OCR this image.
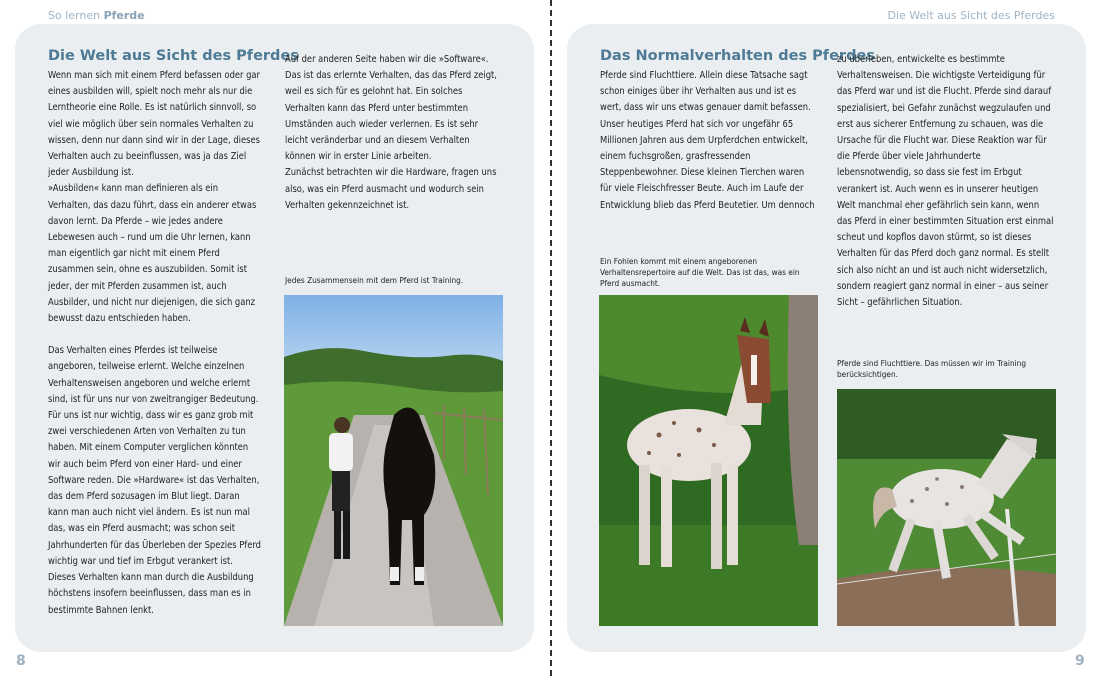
So lernen Pferde	Die Welt aus Sicht des Pferdes
Die Welt aus Sicht des Pferdes

Wenn man sich mit einem Pferd befassen oder gar eines ausbilden will, spielt noch mehr als nur die Lerntheorie eine Rolle. Es ist natürlich sinnvoll, so viel wie möglich über sein normales Verhalten zu wissen, denn nur dann sind wir in der Lage, dieses Verhalten auch zu beeinflussen, was ja das Ziel jeder Ausbildung ist.

»Ausbilden« kann man definieren als ein Verhalten, das dazu führt, dass ein anderer etwas davon lernt. Da Pferde – wie jedes andere Lebewesen auch – rund um die Uhr lernen, kann man eigentlich gar nicht mit einem Pferd zusammen sein, ohne es auszubilden. Somit ist jeder, der mit Pferden zusammen ist, auch Ausbilder, und nicht nur diejenigen, die sich ganz bewusst dazu entschieden haben.

Das Verhalten eines Pferdes ist teilweise angeboren, teilweise erlernt. Welche einzelnen Verhaltensweisen angeboren und welche erlernt sind, ist für uns nur von zweitrangiger Bedeutung. Für uns ist nur wichtig, dass wir es ganz grob mit zwei verschiedenen Arten von Verhalten zu tun haben. Mit einem Computer verglichen könnten wir auch beim Pferd von einer Hard- und einer Software reden. Die »Hardware« ist das Verhalten, das dem Pferd sozusagen im Blut liegt. Daran kann man auch nicht viel ändern. Es ist nun mal das, was ein Pferd ausmacht; was schon seit Jahrhunderten für das Überleben der Spezies Pferd wichtig war und tief im Erbgut verankert ist. Dieses Verhalten kann man durch die Ausbildung höchstens insofern beeinflussen, dass man es in bestimmte Bahnen lenkt.

Auf der anderen Seite haben wir die »Software«. Das ist das erlernte Verhalten, das das Pferd zeigt, weil es sich für es gelohnt hat. Ein solches Verhalten kann das Pferd unter bestimmten Umständen auch wieder verlernen. Es ist sehr leicht veränderbar und an diesem Verhalten können wir in erster Linie arbeiten.

Zunächst betrachten wir die Hardware, fragen uns also, was ein Pferd ausmacht und wodurch sein Verhalten gekennzeichnet ist.

Jedes Zusammensein mit dem Pferd ist Training.
8
Das Normalverhalten des Pferdes

Pferde sind Fluchttiere. Allein diese Tatsache sagt schon einiges über ihr Verhalten aus und ist es wert, dass wir uns etwas genauer damit befassen. Unser heutiges Pferd hat sich vor ungefähr 65 Millionen Jahren aus dem Urpferdchen entwickelt, einem fuchsgroßen, grasfressenden Steppenbewohner. Diese kleinen Tierchen waren für viele Fleischfresser Beute. Auch im Laufe der Entwicklung blieb das Pferd Beutetier. Um dennoch

zu überleben, entwickelte es bestimmte Verhaltensweisen. Die wichtigste Verteidigung für das Pferd war und ist die Flucht. Pferde sind darauf spezialisiert, bei Gefahr zunächst wegzulaufen und erst aus sicherer Entfernung zu schauen, was die Ursache für die Flucht war. Diese Reaktion war für die Pferde über viele Jahrhunderte lebensnotwendig, so dass sie fest im Erbgut verankert ist. Auch wenn es in unserer heutigen Welt manchmal eher gefährlich sein kann, wenn das Pferd in einer bestimmten Situation erst einmal scheut und kopflos davon stürmt, so ist dieses Verhalten für das Pferd doch ganz normal. Es stellt sich also nicht an und ist auch nicht widersetzlich, sondern reagiert ganz normal in einer – aus seiner Sicht – gefährlichen Situation.

Ein Fohlen kommt mit einem angeborenen Verhaltensrepertoire auf die Welt. Das ist das, was ein Pferd ausmacht.
Pferde sind Fluchttiere. Das müssen wir im Training berücksichtigen.
9
